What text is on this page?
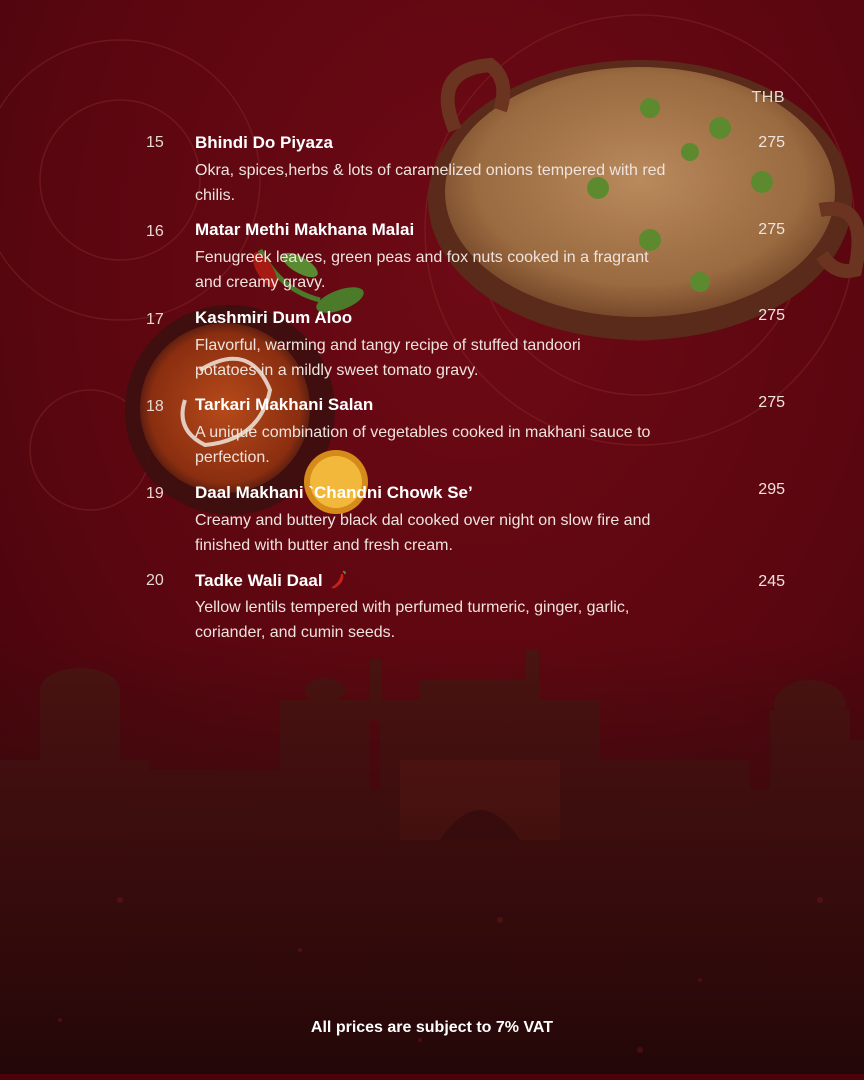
THB
15 Bhindi Do Piyaza

Okra, spices,herbs & lots of caramelized onions tempered with red chilis.

275
16 Matar Methi Makhana Malai

Fenugreek leaves, green peas and fox nuts cooked in a fragrant and creamy gravy.

275
17 Kashmiri Dum Aloo

Flavorful, warming and tangy recipe of stuffed tandoori potatoes in a mildly sweet tomato gravy.

275
18 Tarkari Makhani Salan

A unique combination of vegetables cooked in makhani sauce to perfection.

275
19 Daal Makhani `Chandni Chowk Se’

Creamy and buttery black dal cooked over night on slow fire and finished with butter and fresh cream.

295
20 Tadke Wali Daal

Yellow lentils tempered with perfumed turmeric, ginger, garlic, coriander, and cumin seeds.

245
All prices are subject to 7% VAT
